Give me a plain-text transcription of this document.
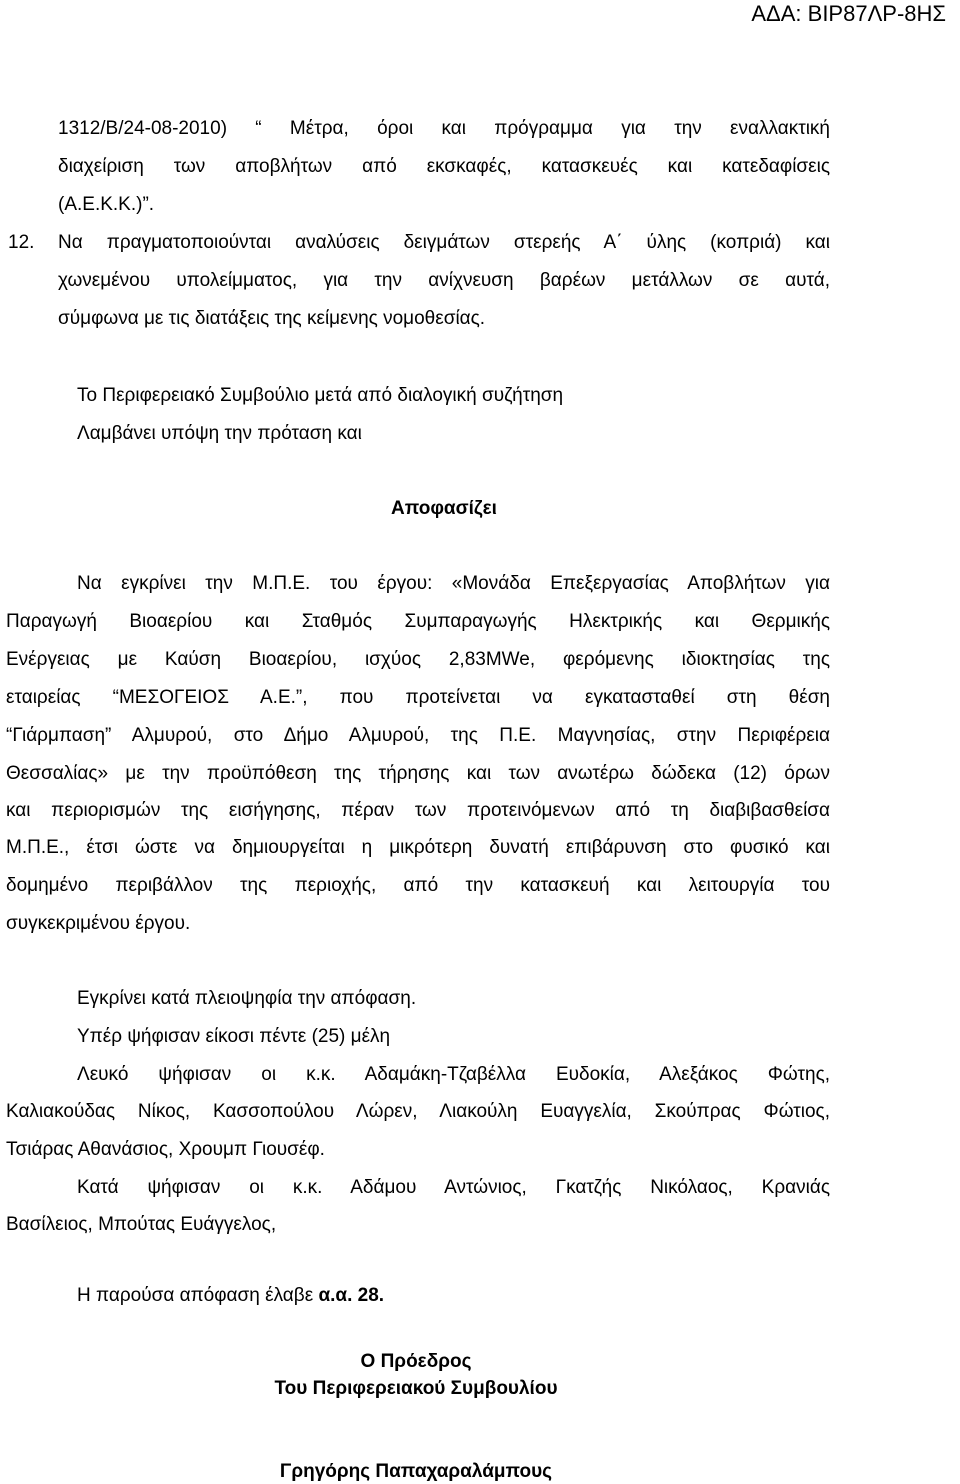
ΑΔΑ: ΒΙΡ87ΛΡ-8ΗΣ
1312/Β/24-08-2010) “ Μέτρα, όροι και πρόγραμμα για την εναλλακτική
διαχείριση των αποβλήτων από εκσκαφές, κατασκευές και κατεδαφίσεις
(Α.Ε.Κ.Κ.)”.
12. Να πραγματοποιούνται αναλύσεις δειγμάτων στερεής Α΄ ύλης (κοπριά) και
χωνεμένου υπολείμματος, για την ανίχνευση βαρέων μετάλλων σε αυτά,
σύμφωνα με τις διατάξεις της κείμενης νομοθεσίας.
Το Περιφερειακό Συμβούλιο μετά από διαλογική συζήτηση
Λαμβάνει υπόψη την πρόταση και
Αποφασίζει
Να εγκρίνει την Μ.Π.Ε. του έργου: «Μονάδα Επεξεργασίας Αποβλήτων για
Παραγωγή Βιοαερίου και Σταθμός Συμπαραγωγής Ηλεκτρικής και Θερμικής
Ενέργειας με Καύση Βιοαερίου, ισχύος 2,83MWe, φερόμενης ιδιοκτησίας της
εταιρείας “ΜΕΣΟΓΕΙΟΣ Α.Ε.”, που προτείνεται να εγκατασταθεί στη θέση
“Γιάρμπαση” Αλμυρού, στο Δήμο Αλμυρού, της Π.Ε. Μαγνησίας, στην Περιφέρεια
Θεσσαλίας» με την προϋπόθεση της τήρησης και των ανωτέρω δώδεκα (12) όρων
και περιορισμών της εισήγησης, πέραν των προτεινόμενων από τη διαβιβασθείσα
Μ.Π.Ε., έτσι ώστε να δημιουργείται η μικρότερη δυνατή επιβάρυνση στο φυσικό και
δομημένο περιβάλλον της περιοχής, από την κατασκευή και λειτουργία του
συγκεκριμένου έργου.
Εγκρίνει κατά πλειοψηφία την απόφαση.
Υπέρ ψήφισαν είκοσι πέντε (25) μέλη
Λευκό ψήφισαν οι κ.κ. Αδαμάκη-Τζαβέλλα Ευδοκία, Αλεξάκος Φώτης,
Καλιακούδας Νίκος, Κασσοπούλου Λώρεν, Λιακούλη Ευαγγελία, Σκούπρας Φώτιος,
Τσιάρας Αθανάσιος, Χρουμπ Γιουσέφ.
Κατά ψήφισαν οι κ.κ. Αδάμου Αντώνιος, Γκατζής Νικόλαος, Κρανιάς
Βασίλειος, Μπούτας Ευάγγελος,
Η παρούσα απόφαση έλαβε α.α. 28.
Ο Πρόεδρος
Του Περιφερειακού Συμβουλίου
Γρηγόρης Παπαχαραλάμπους
